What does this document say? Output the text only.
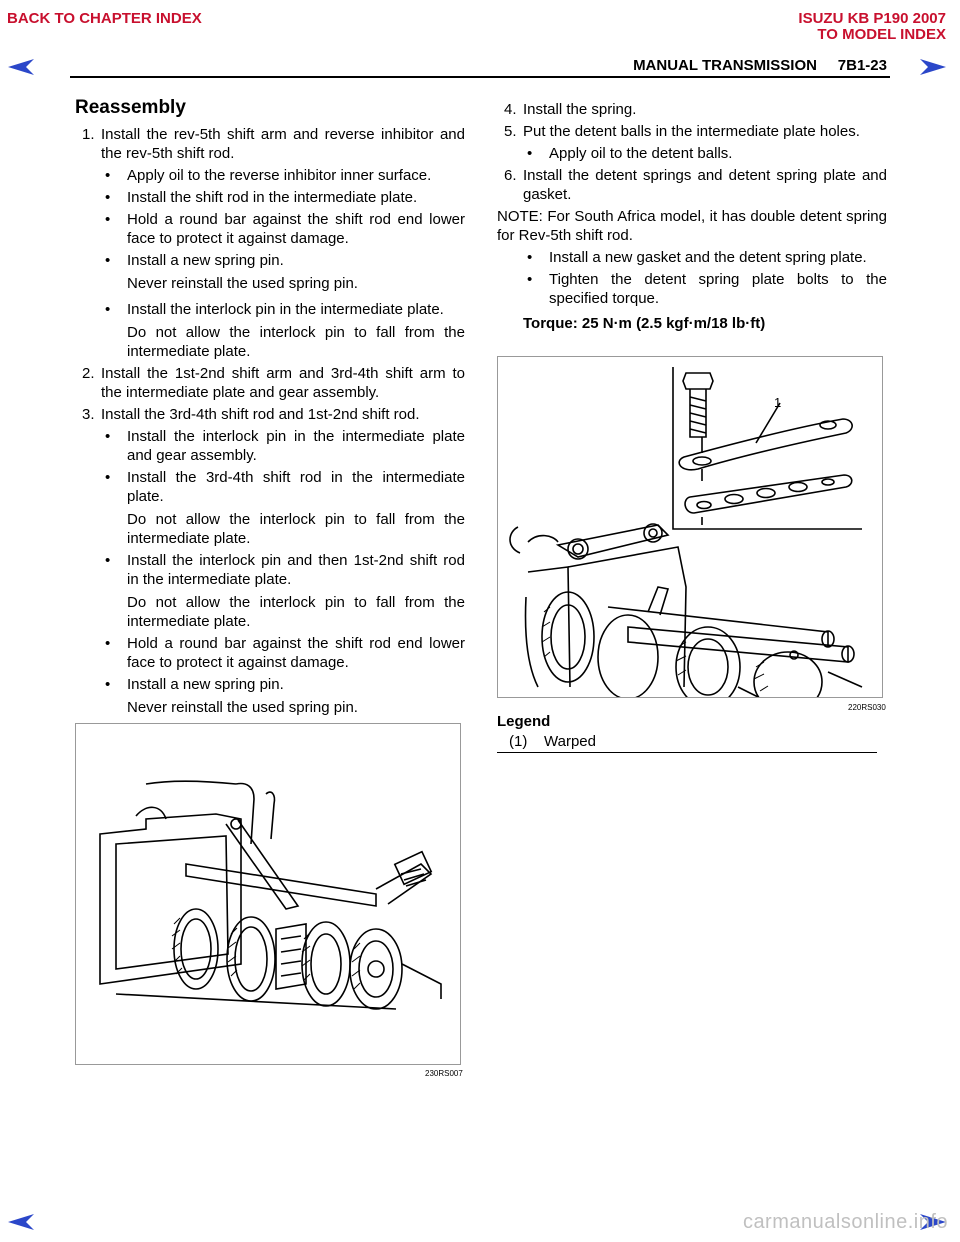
BACK TO CHAPTER INDEX	ISUZU KB P190 2007
TO MODEL INDEX
MANUAL TRANSMISSION     7B1-23
Reassembly
1. Install the rev-5th shift arm and reverse inhibitor and the rev-5th shift rod.
• Apply oil to the reverse inhibitor inner surface.
• Install the shift rod in the intermediate plate.
• Hold a round bar against the shift rod end lower face to protect it against damage.
• Install a new spring pin.
Never reinstall the used spring pin.
• Install the interlock pin in the intermediate plate.
Do not allow the interlock pin to fall from the intermediate plate.
2. Install the 1st-2nd shift arm and 3rd-4th shift arm to the intermediate plate and gear assembly.
3. Install the 3rd-4th shift rod and 1st-2nd shift rod.
• Install the interlock pin in the intermediate plate and gear assembly.
• Install the 3rd-4th shift rod in the intermediate plate.
Do not allow the interlock pin to fall from the intermediate plate.
• Install the interlock pin and then 1st-2nd shift rod in the intermediate plate.
Do not allow the interlock pin to fall from the intermediate plate.
• Hold a round bar against the shift rod end lower face to protect it against damage.
• Install a new spring pin.
Never reinstall the used spring pin.
230RS007
4. Install the spring.
5. Put the detent balls in the intermediate plate holes.
• Apply oil to the detent balls.
6. Install the detent springs and detent spring plate and gasket.
NOTE: For South Africa model, it has double detent spring for Rev-5th shift rod.
• Install a new gasket and the detent spring plate.
• Tighten the detent spring plate bolts to the specified torque.
Torque: 25 N·m (2.5 kgf·m/18 lb·ft)
1
220RS030
Legend
(1)    Warped
carmanualsonline.info
